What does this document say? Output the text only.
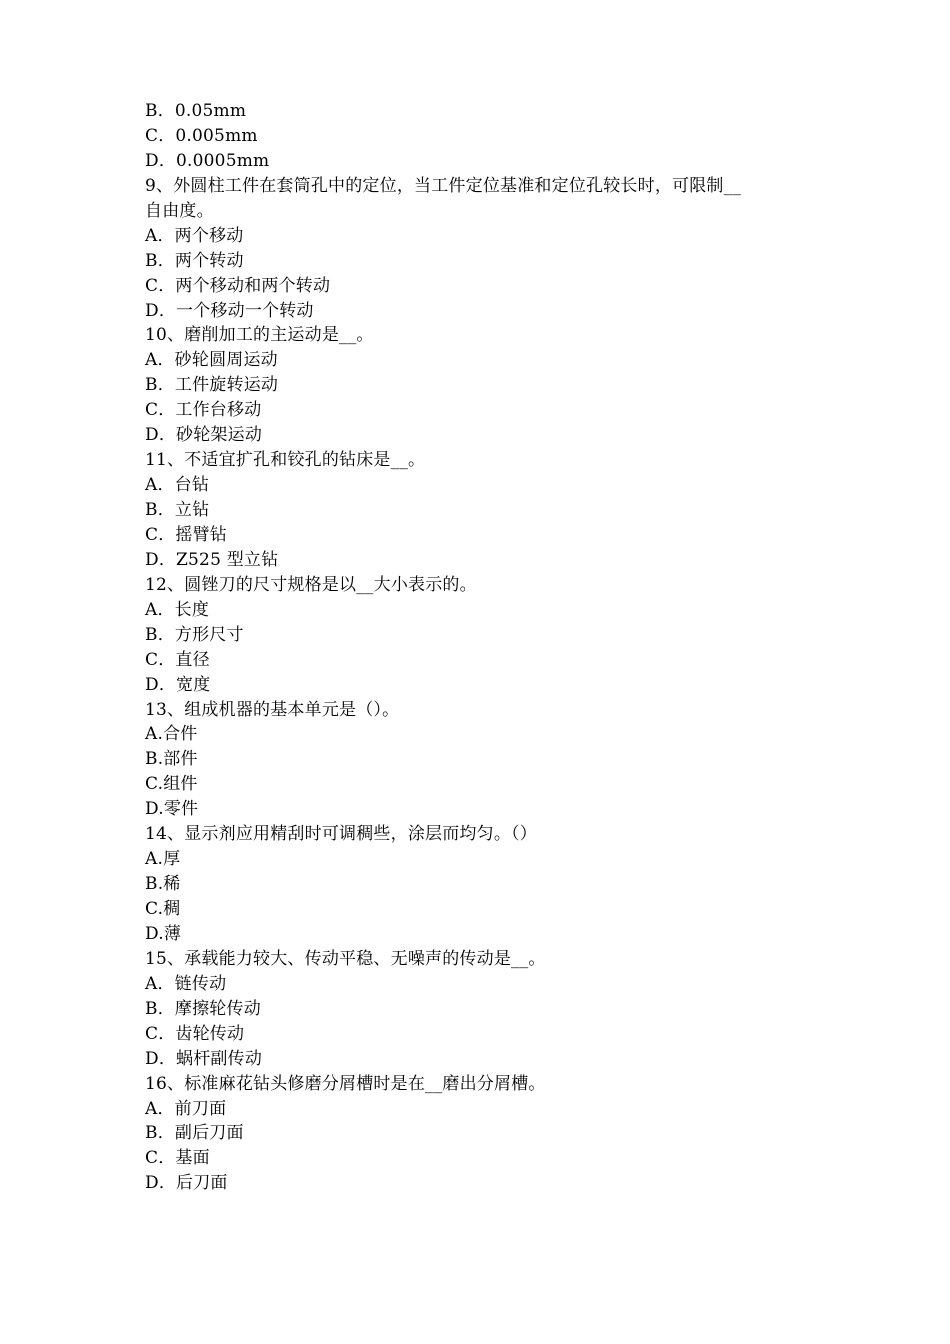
B．0.05mm
C．0.005mm
D．0.0005mm
9、外圆柱工件在套筒孔中的定位，当工件定位基准和定位孔较长时，可限制__
自由度。
A．两个移动
B．两个转动
C．两个移动和两个转动
D．一个移动一个转动
10、磨削加工的主运动是__。
A．砂轮圆周运动
B．工件旋转运动
C．工作台移动
D．砂轮架运动
11、不适宜扩孔和铰孔的钻床是__。
A．台钻
B．立钻
C．摇臂钻
D．Z525 型立钻
12、圆锉刀的尺寸规格是以__大小表示的。
A．长度
B．方形尺寸
C．直径
D．宽度
13、组成机器的基本单元是（）。
A.合件
B.部件
C.组件
D.零件
14、显示剂应用精刮时可调稠些，涂层而均匀。（）
A.厚
B.稀
C.稠
D.薄
15、承载能力较大、传动平稳、无噪声的传动是__。
A．链传动
B．摩擦轮传动
C．齿轮传动
D．蜗杆副传动
16、标准麻花钻头修磨分屑槽时是在__磨出分屑槽。
A．前刀面
B．副后刀面
C．基面
D．后刀面
